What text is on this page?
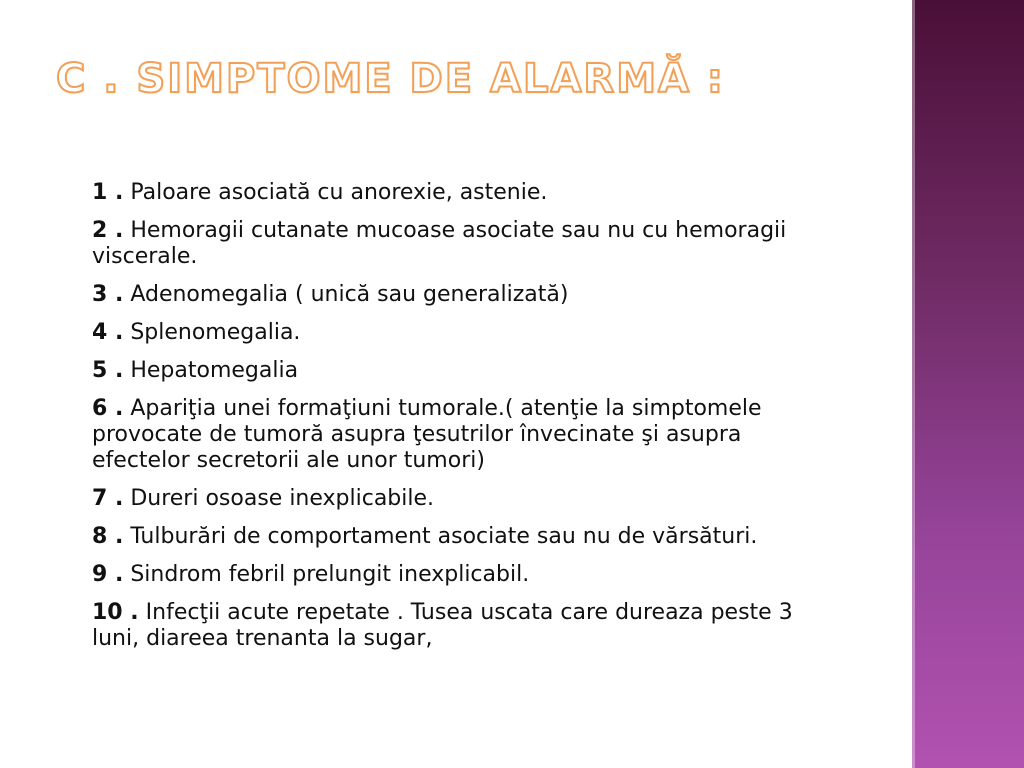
C . SIMPTOME DE ALARMĂ :
1 . Paloare asociată cu anorexie, astenie.
2 . Hemoragii cutanate mucoase asociate sau nu cu hemoragii viscerale.
3 . Adenomegalia ( unică sau generalizată)
4 . Splenomegalia.
5 . Hepatomegalia
6 . Apariţia unei formaţiuni tumorale.( atenţie la simptomele provocate de tumoră asupra ţesutrilor învecinate şi asupra efectelor secretorii ale unor tumori)
7 . Dureri osoase inexplicabile.
8 . Tulburări de comportament asociate sau nu de vărsături.
9 . Sindrom febril prelungit inexplicabil.
10 . Infecţii acute repetate . Tusea uscata care dureaza peste 3 luni, diareea trenanta la sugar,
